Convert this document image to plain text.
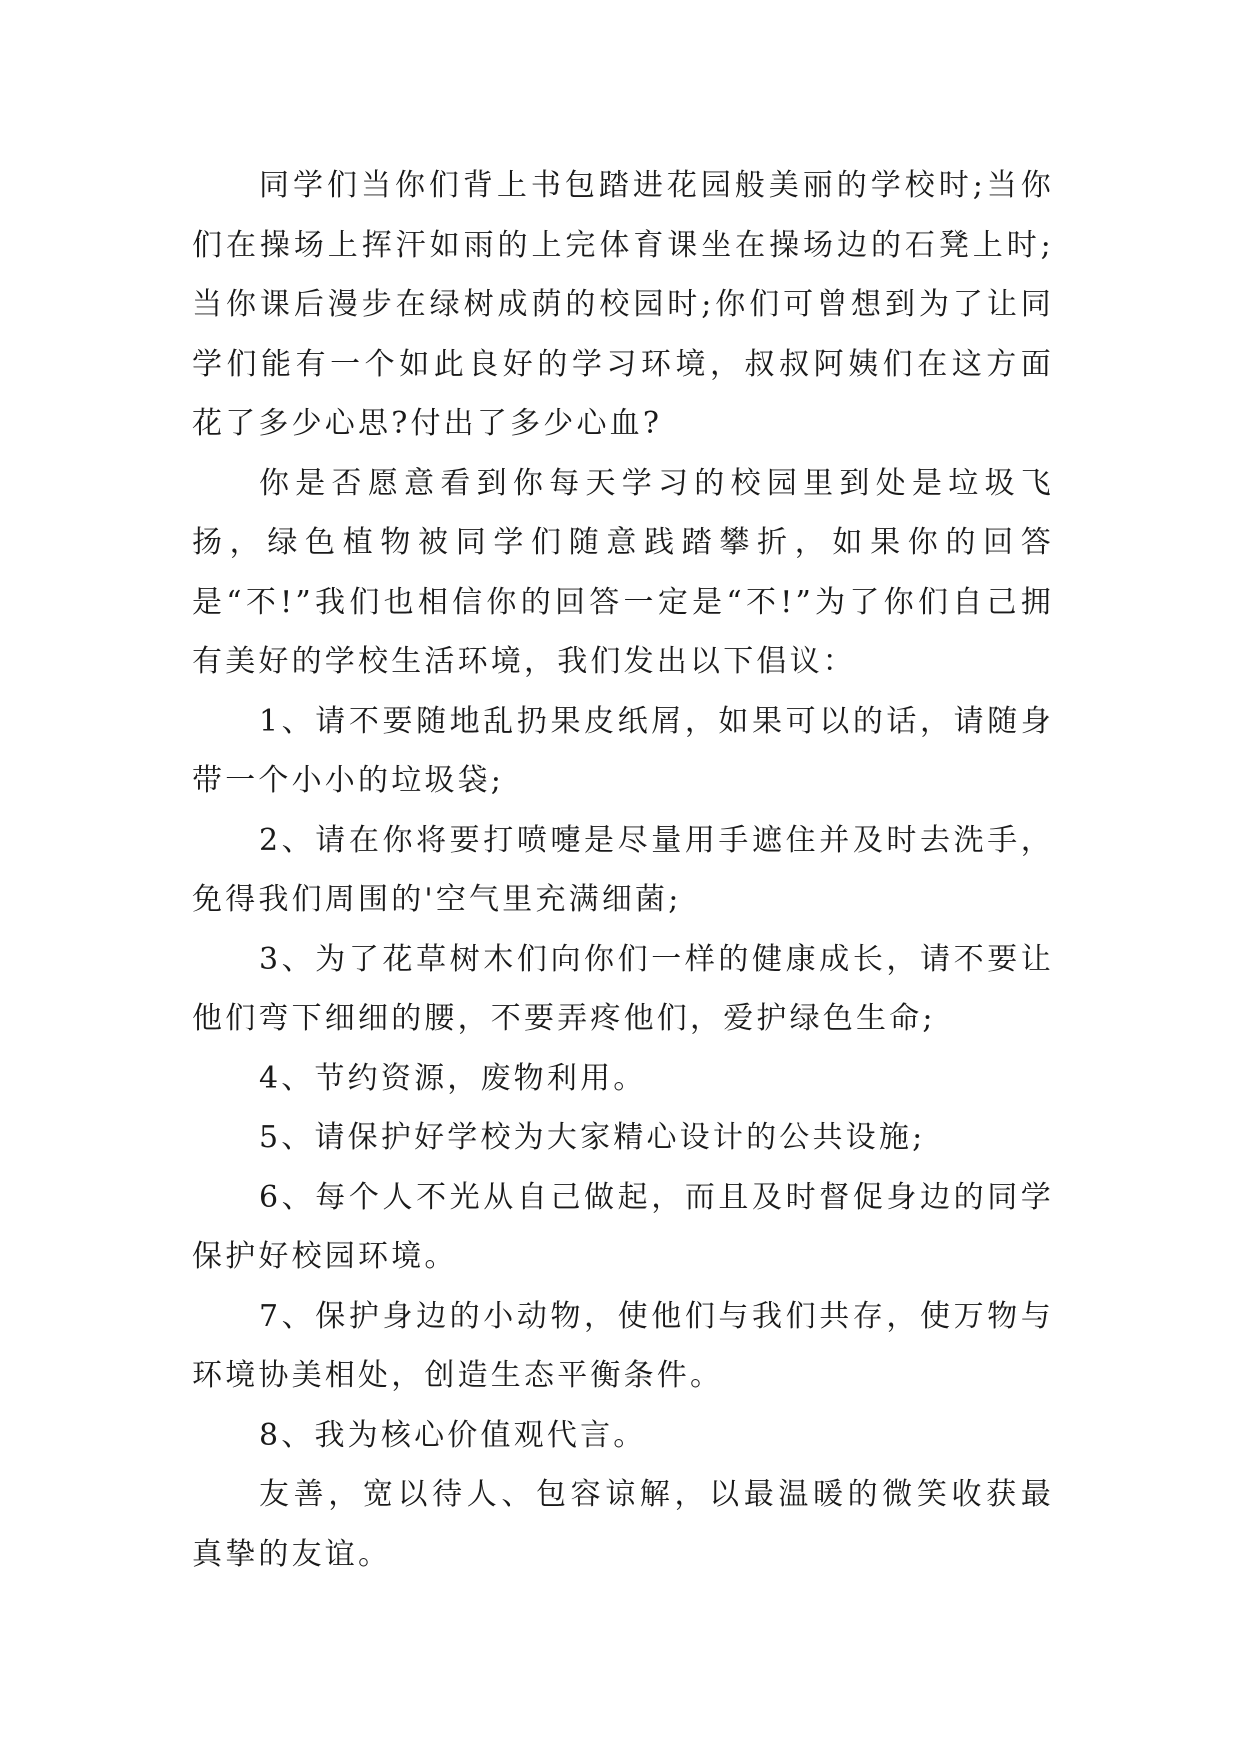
同学们当你们背上书包踏进花园般美丽的学校时;当你们在操场上挥汗如雨的上完体育课坐在操场边的石凳上时;当你课后漫步在绿树成荫的校园时;你们可曾想到为了让同学们能有一个如此良好的学习环境，叔叔阿姨们在这方面花了多少心思?付出了多少心血?

你是否愿意看到你每天学习的校园里到处是垃圾飞扬，绿色植物被同学们随意践踏攀折，如果你的回答是“不!”我们也相信你的回答一定是“不!”为了你们自己拥有美好的学校生活环境，我们发出以下倡议：

1、请不要随地乱扔果皮纸屑，如果可以的话，请随身带一个小小的垃圾袋;

2、请在你将要打喷嚏是尽量用手遮住并及时去洗手，免得我们周围的'空气里充满细菌;

3、为了花草树木们向你们一样的健康成长，请不要让他们弯下细细的腰，不要弄疼他们，爱护绿色生命;

4、节约资源，废物利用。

5、请保护好学校为大家精心设计的公共设施;

6、每个人不光从自己做起，而且及时督促身边的同学保护好校园环境。

7、保护身边的小动物，使他们与我们共存，使万物与环境协美相处，创造生态平衡条件。

8、我为核心价值观代言。

友善，宽以待人、包容谅解，以最温暖的微笑收获最真挚的友谊。
